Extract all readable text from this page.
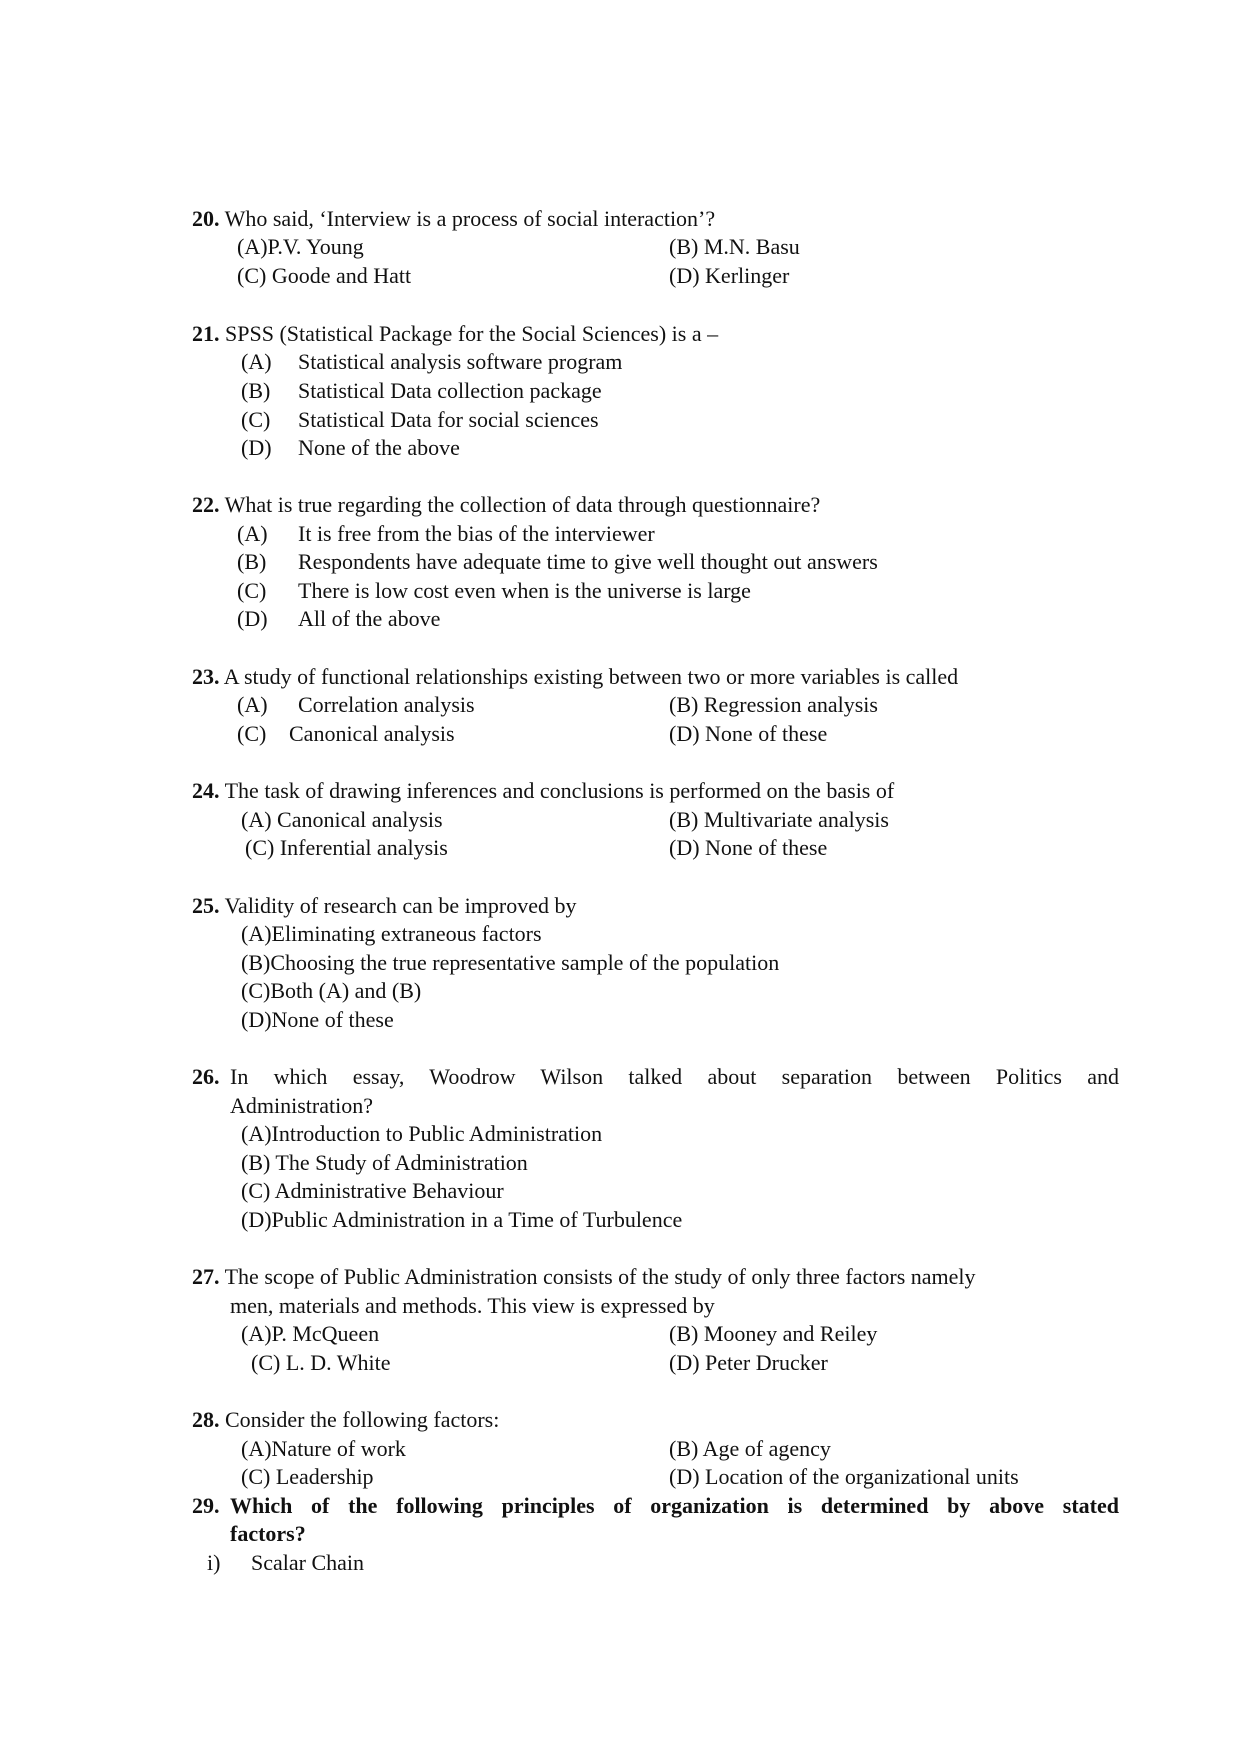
20. Who said, ‘Interview is a process of social interaction’?
(A)P.V. Young	(B) M.N. Basu
(C) Goode and Hatt	(D) Kerlinger
21. SPSS (Statistical Package for the Social Sciences) is a –
(A) Statistical analysis software program
(B) Statistical Data collection package
(C) Statistical Data for social sciences
(D) None of the above
22. What is true regarding the collection of data through questionnaire?
(A) It is free from the bias of the interviewer
(B) Respondents have adequate time to give well thought out answers
(C) There is low cost even when is the universe is large
(D) All of the above
23. A study of functional relationships existing between two or more variables is called
(A) Correlation analysis	(B) Regression analysis
(C) Canonical analysis	(D) None of these
24. The task of drawing inferences and conclusions is performed on the basis of
(A) Canonical analysis	(B) Multivariate analysis
(C) Inferential analysis	(D) None of these
25. Validity of research can be improved by
(A)Eliminating extraneous factors
(B)Choosing the true representative sample of the population
(C)Both (A) and (B)
(D)None of these
26. In which essay, Woodrow Wilson talked about separation between Politics and
Administration?
(A)Introduction to Public Administration
(B) The Study of Administration
(C) Administrative Behaviour
(D)Public Administration in a Time of Turbulence
27. The scope of Public Administration consists of the study of only three factors namely
men, materials and methods. This view is expressed by
(A)P. McQueen	(B) Mooney and Reiley
(C) L. D. White	(D) Peter Drucker
28. Consider the following factors:
(A)Nature of work	(B) Age of agency
(C) Leadership	(D) Location of the organizational units
29. Which of the following principles of organization is determined by above stated
factors?
i) Scalar Chain
